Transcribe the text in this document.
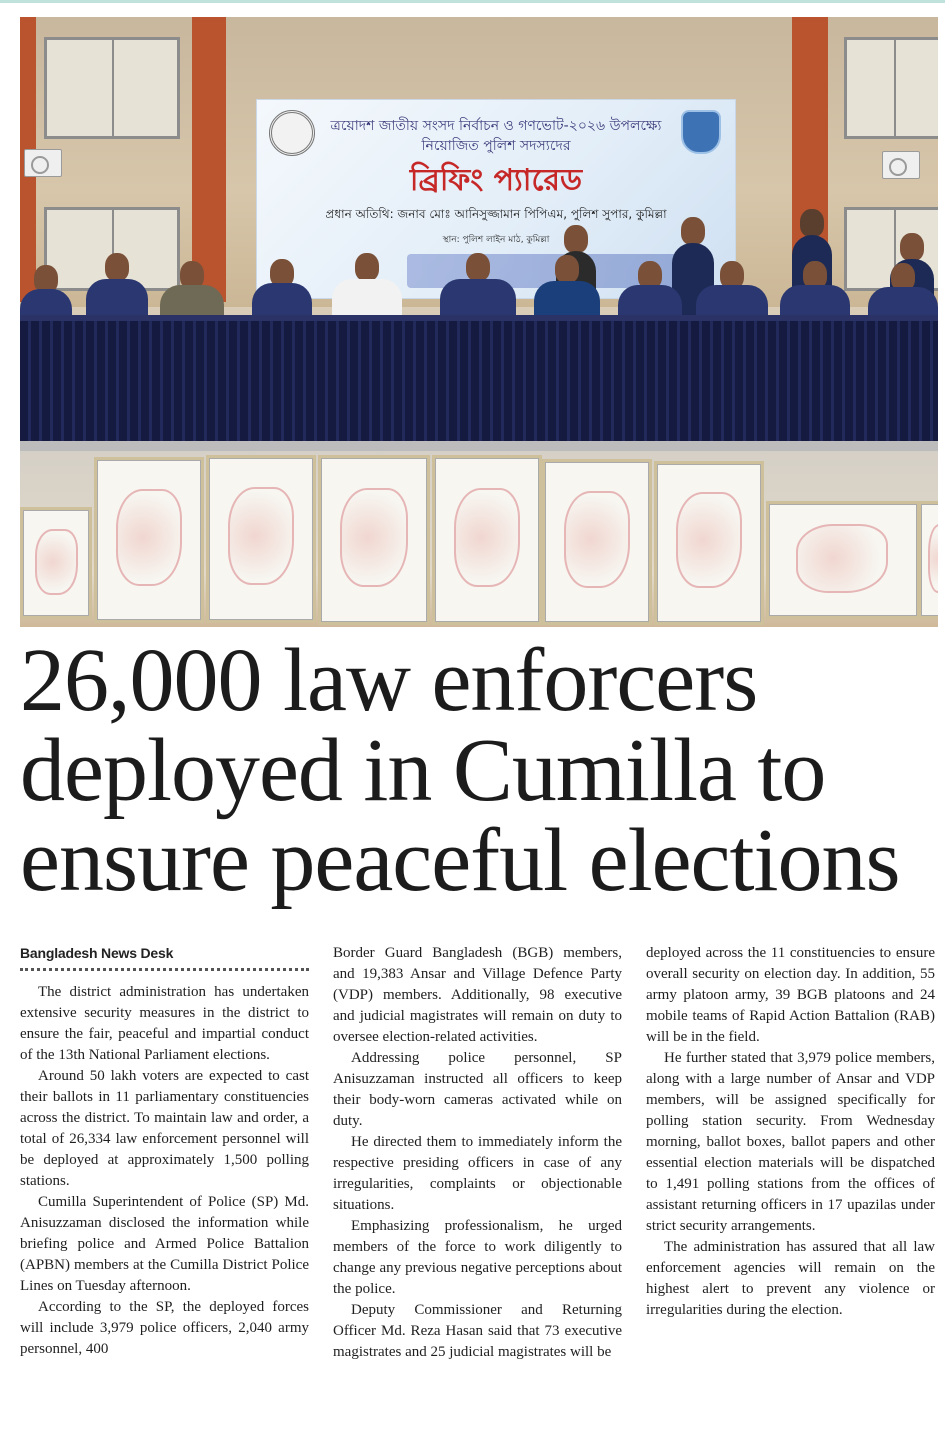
ত্রয়োদশ জাতীয় সংসদ নির্বাচন ও গণভোট-২০২৬ উপলক্ষ্যে
নিয়োজিত পুলিশ সদস্যদের
ব্রিফিং প্যারেড
প্রধান অতিথি: জনাব মোঃ আনিসুজ্জামান পিপিএম, পুলিশ সুপার, কুমিল্লা
স্থান: পুলিশ লাইন মাঠ, কুমিল্লা
26,000 law enforcers deployed in Cumilla to ensure peaceful elections
Bangladesh News Desk

The district administration has undertaken extensive security measures in the district to ensure the fair, peaceful and impartial conduct of the 13th National Parliament elections.

Around 50 lakh voters are expected to cast their ballots in 11 parliamentary constituencies across the district. To maintain law and order, a total of 26,334 law enforcement personnel will be deployed at approximately 1,500 polling stations.

Cumilla Superintendent of Police (SP) Md. Anisuzzaman disclosed the information while briefing police and Armed Police Battalion (APBN) members at the Cumilla District Police Lines on Tuesday afternoon.

According to the SP, the deployed forces will include 3,979 police officers, 2,040 army personnel, 400

Border Guard Bangladesh (BGB) members, and 19,383 Ansar and Village Defence Party (VDP) members. Additionally, 98 executive and judicial magistrates will remain on duty to oversee election-related activities.

Addressing police personnel, SP Anisuzzaman instructed all officers to keep their body-worn cameras activated while on duty.

He directed them to immediately inform the respective presiding officers in case of any irregularities, complaints or objectionable situations.

Emphasizing professionalism, he urged members of the force to work diligently to change any previous negative perceptions about the police.

Deputy Commissioner and Returning Officer Md. Reza Hasan said that 73 executive magistrates and 25 judicial magistrates will be

deployed across the 11 constituencies to ensure overall security on election day. In addition, 55 army platoon army, 39 BGB platoons and 24 mobile teams of Rapid Action Battalion (RAB) will be in the field.

He further stated that 3,979 police members, along with a large number of Ansar and VDP members, will be assigned specifically for polling station security. From Wednesday morning, ballot boxes, ballot papers and other essential election materials will be dispatched to 1,491 polling stations from the offices of assistant returning officers in 17 upazilas under strict security arrangements.

The administration has assured that all law enforcement agencies will remain on the highest alert to prevent any violence or irregularities during the election.
